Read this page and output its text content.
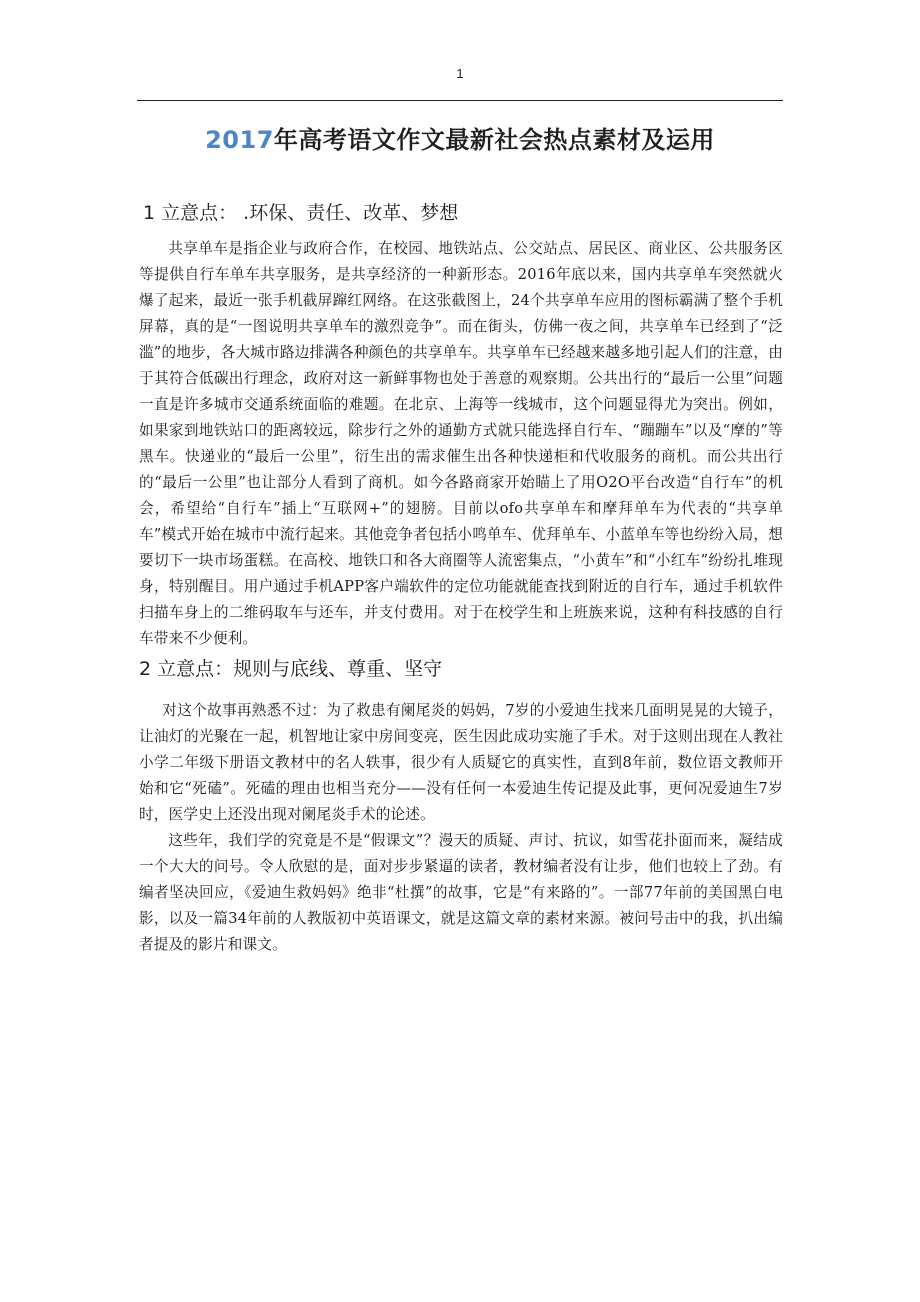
1
2017年高考语文作文最新社会热点素材及运用
1 立意点： .环保、责任、改革、梦想

共享单车是指企业与政府合作，在校园、地铁站点、公交站点、居民区、商业区、公共服务区等提供自行车单车共享服务，是共享经济的一种新形态。2016年底以来，国内共享单车突然就火爆了起来，最近一张手机截屏蹿红网络。在这张截图上，24个共享单车应用的图标霸满了整个手机屏幕，真的是“一图说明共享单车的激烈竞争”。而在街头，仿佛一夜之间，共享单车已经到了“泛滥”的地步，各大城市路边排满各种颜色的共享单车。共享单车已经越来越多地引起人们的注意，由于其符合低碳出行理念，政府对这一新鲜事物也处于善意的观察期。公共出行的“最后一公里”问题一直是许多城市交通系统面临的难题。在北京、上海等一线城市，这个问题显得尤为突出。例如，如果家到地铁站口的距离较远，除步行之外的通勤方式就只能选择自行车、“蹦蹦车”以及“摩的”等黑车。快递业的“最后一公里”，衍生出的需求催生出各种快递柜和代收服务的商机。而公共出行的“最后一公里”也让部分人看到了商机。如今各路商家开始瞄上了用O2O平台改造“自行车”的机会，希望给“自行车”插上“互联网+”的翅膀。目前以ofo共享单车和摩拜单车为代表的“共享单车”模式开始在城市中流行起来。其他竞争者包括小鸣单车、优拜单车、小蓝单车等也纷纷入局，想要切下一块市场蛋糕。在高校、地铁口和各大商圈等人流密集点，“小黄车”和“小红车”纷纷扎堆现身，特别醒目。用户通过手机APP客户端软件的定位功能就能查找到附近的自行车，通过手机软件扫描车身上的二维码取车与还车，并支付费用。对于在校学生和上班族来说，这种有科技感的自行车带来不少便利。

2 立意点：规则与底线、尊重、坚守

对这个故事再熟悉不过：为了救患有阑尾炎的妈妈，7岁的小爱迪生找来几面明晃晃的大镜子，让油灯的光聚在一起，机智地让家中房间变亮，医生因此成功实施了手术。对于这则出现在人教社小学二年级下册语文教材中的名人轶事，很少有人质疑它的真实性，直到8年前，数位语文教师开始和它“死磕”。死磕的理由也相当充分——没有任何一本爱迪生传记提及此事，更何况爱迪生7岁时，医学史上还没出现对阑尾炎手术的论述。

这些年，我们学的究竟是不是“假课文”？漫天的质疑、声讨、抗议，如雪花扑面而来，凝结成一个大大的问号。令人欣慰的是，面对步步紧逼的读者，教材编者没有让步，他们也较上了劲。有编者坚决回应，《爱迪生救妈妈》绝非“杜撰”的故事，它是“有来路的”。一部77年前的美国黑白电影，以及一篇34年前的人教版初中英语课文，就是这篇文章的素材来源。被问号击中的我，扒出编者提及的影片和课文。
